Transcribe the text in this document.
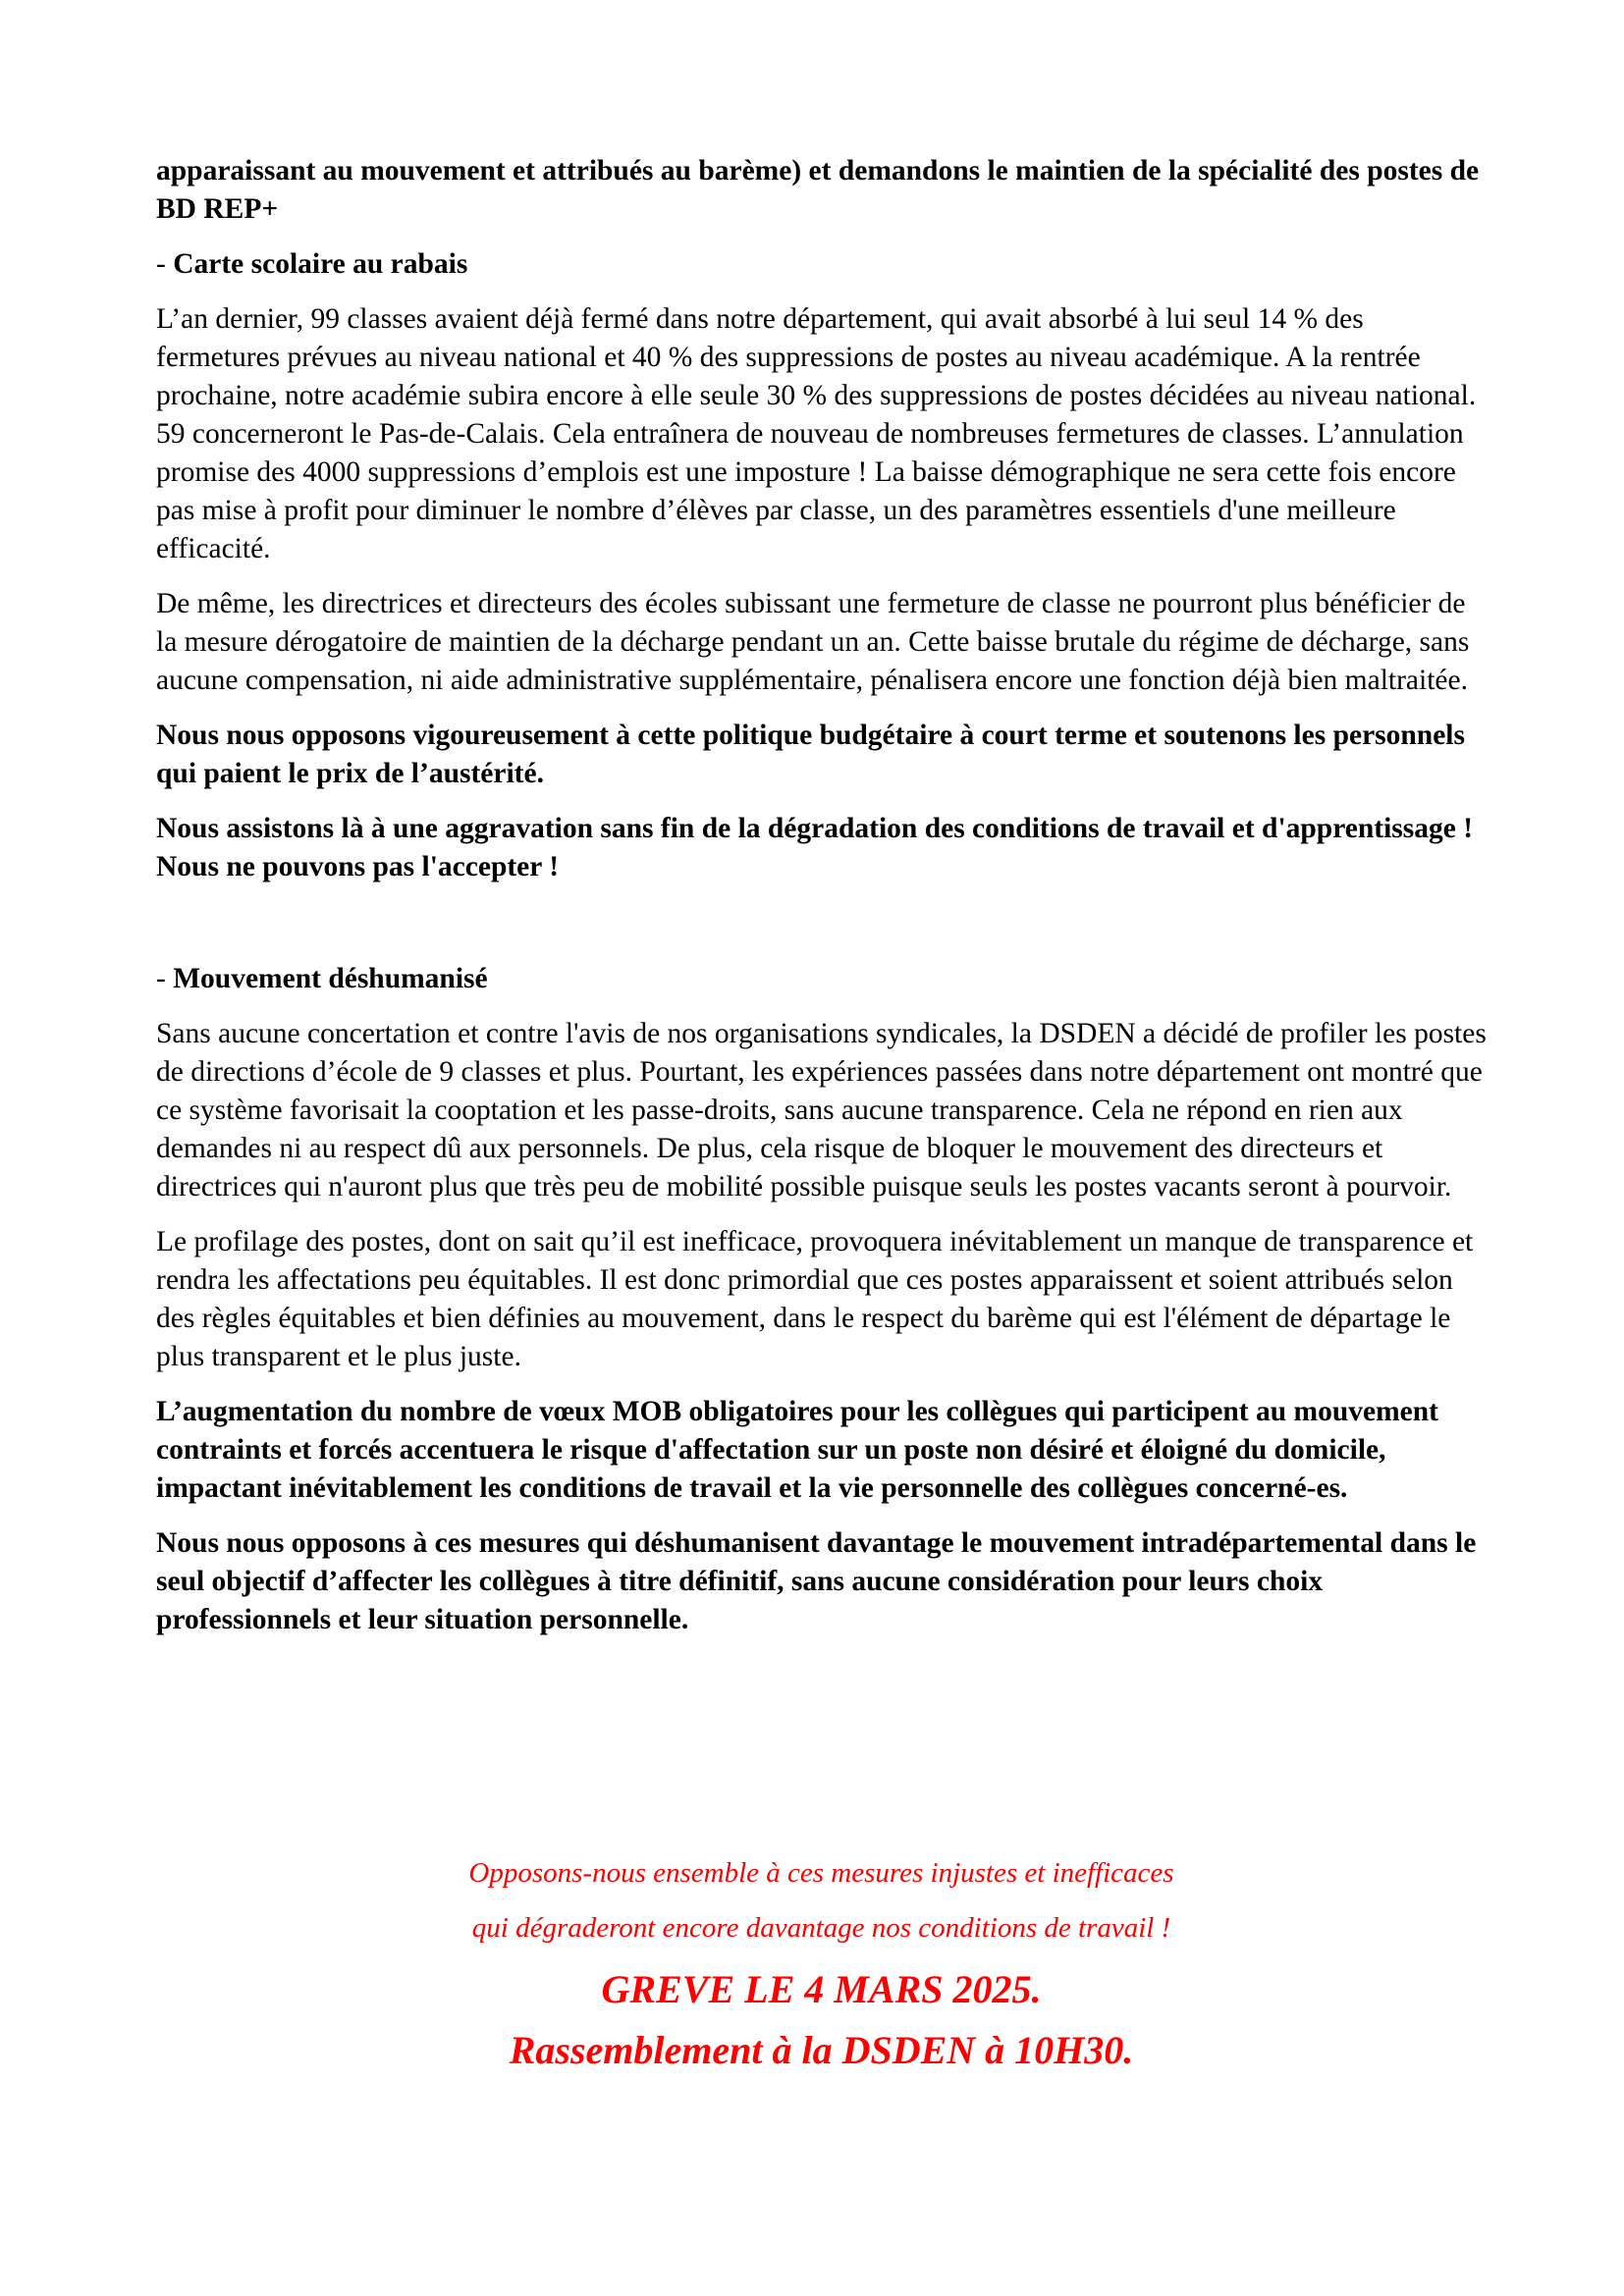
apparaissant au mouvement et attribués au barème) et demandons le maintien de la spécialité des postes de BD REP+

- Carte scolaire au rabais

L’an dernier, 99 classes avaient déjà fermé dans notre département, qui avait absorbé à lui seul 14 % des fermetures prévues au niveau national et 40 % des suppressions de postes au niveau académique. A la rentrée prochaine, notre académie subira encore à elle seule 30 % des suppressions de postes décidées au niveau national. 59 concerneront le Pas-de-Calais. Cela entraînera de nouveau de nombreuses fermetures de classes. L’annulation promise des 4000 suppressions d’emplois est une imposture ! La baisse démographique ne sera cette fois encore pas mise à profit pour diminuer le nombre d’élèves par classe, un des paramètres essentiels d'une meilleure efficacité.

De même, les directrices et directeurs des écoles subissant une fermeture de classe ne pourront plus bénéficier de la mesure dérogatoire de maintien de la décharge pendant un an. Cette baisse brutale du régime de décharge, sans aucune compensation, ni aide administrative supplémentaire, pénalisera encore une fonction déjà bien maltraitée.

Nous nous opposons vigoureusement à cette politique budgétaire à court terme et soutenons les personnels qui paient le prix de l’austérité.

Nous assistons là à une aggravation sans fin de la dégradation des conditions de travail et d'apprentissage ! Nous ne pouvons pas l'accepter !

- Mouvement déshumanisé

Sans aucune concertation et contre l'avis de nos organisations syndicales, la DSDEN a décidé de profiler les postes de directions d’école de 9 classes et plus. Pourtant, les expériences passées dans notre département ont montré que ce système favorisait la cooptation et les passe-droits, sans aucune transparence. Cela ne répond en rien aux demandes ni au respect dû aux personnels. De plus, cela risque de bloquer le mouvement des directeurs et directrices qui n'auront plus que très peu de mobilité possible puisque seuls les postes vacants seront à pourvoir.

Le profilage des postes, dont on sait qu’il est inefficace, provoquera inévitablement un manque de transparence et rendra les affectations peu équitables. Il est donc primordial que ces postes apparaissent et soient attribués selon des règles équitables et bien définies au mouvement, dans le respect du barème qui est l'élément de départage le plus transparent et le plus juste.

L’augmentation du nombre de vœux MOB obligatoires pour les collègues qui participent au mouvement contraints et forcés accentuera le risque d'affectation sur un poste non désiré et éloigné du domicile, impactant inévitablement les conditions de travail et la vie personnelle des collègues concerné-es.

Nous nous opposons à ces mesures qui déshumanisent davantage le mouvement intradépartemental dans le seul objectif d’affecter les collègues à titre définitif, sans aucune considération pour leurs choix professionnels et leur situation personnelle.

Opposons-nous ensemble à ces mesures injustes et inefficaces
qui dégraderont encore davantage nos conditions de travail !
GREVE LE 4 MARS 2025.
Rassemblement à la DSDEN à 10H30.
